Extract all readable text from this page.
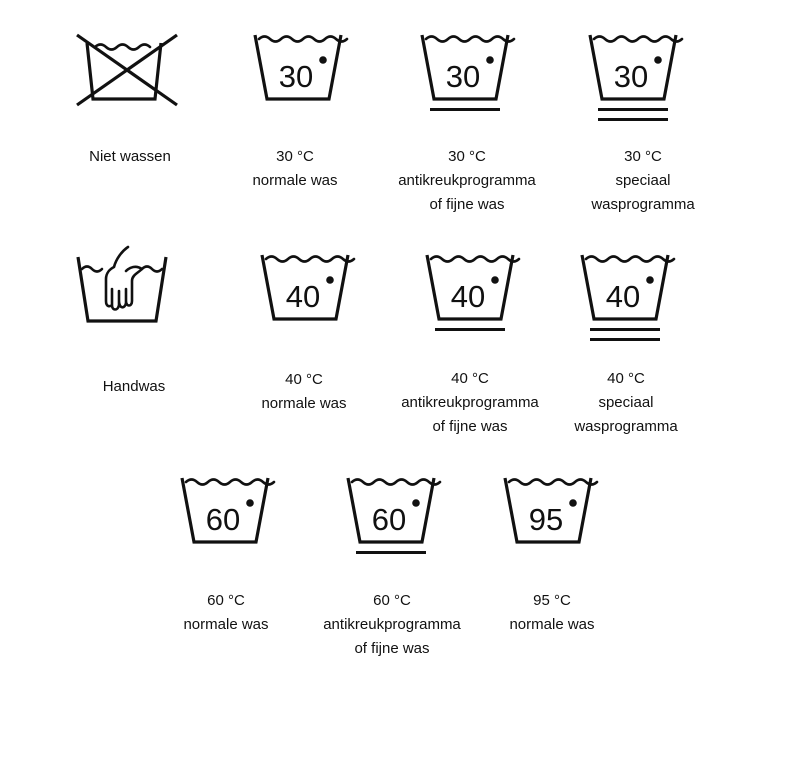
Niet wassen
30
30 °C
normale was
30
30 °C
antikreukprogramma
of fijne was
30
30 °C
speciaal
wasprogramma
Handwas
40
40 °C
normale was
40
40 °C
antikreukprogramma
of fijne was
40
40 °C
speciaal
wasprogramma
60
60 °C
normale was
60
60 °C
antikreukprogramma
of fijne was
95
95 °C
normale was
